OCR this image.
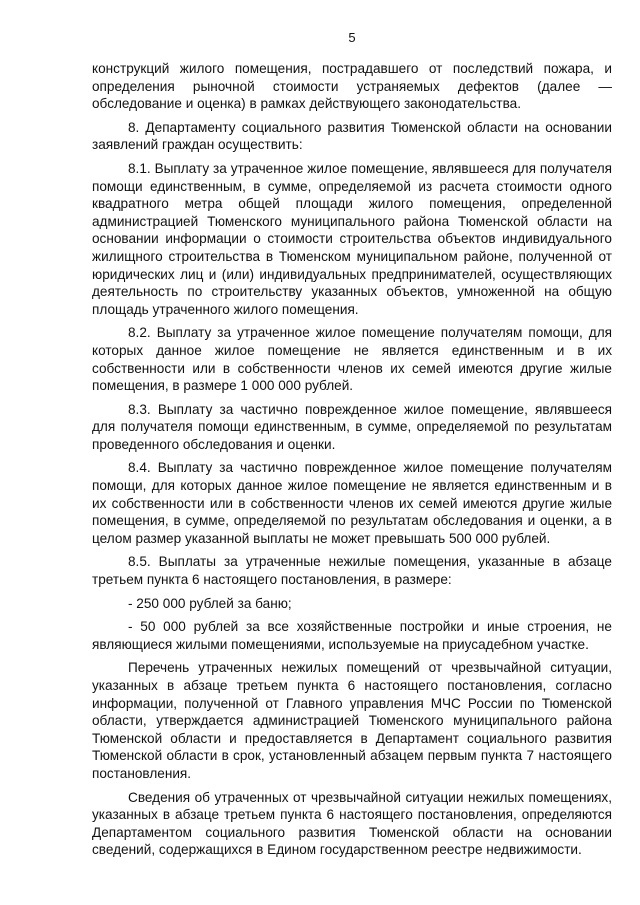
5

конструкций жилого помещения, пострадавшего от последствий пожара, и определения рыночной стоимости устраняемых дефектов (далее — обследование и оценка) в рамках действующего законодательства.

8. Департаменту социального развития Тюменской области на основании заявлений граждан осуществить:

8.1. Выплату за утраченное жилое помещение, являвшееся для получателя помощи единственным, в сумме, определяемой из расчета стоимости одного квадратного метра общей площади жилого помещения, определенной администрацией Тюменского муниципального района Тюменской области на основании информации о стоимости строительства объектов индивидуального жилищного строительства в Тюменском муниципальном районе, полученной от юридических лиц и (или) индивидуальных предпринимателей, осуществляющих деятельность по строительству указанных объектов, умноженной на общую площадь утраченного жилого помещения.

8.2. Выплату за утраченное жилое помещение получателям помощи, для которых данное жилое помещение не является единственным и в их собственности или в собственности членов их семей имеются другие жилые помещения, в размере 1 000 000 рублей.

8.3. Выплату за частично поврежденное жилое помещение, являвшееся для получателя помощи единственным, в сумме, определяемой по результатам проведенного обследования и оценки.

8.4. Выплату за частично поврежденное жилое помещение получателям помощи, для которых данное жилое помещение не является единственным и в их собственности или в собственности членов их семей имеются другие жилые помещения, в сумме, определяемой по результатам обследования и оценки, а в целом размер указанной выплаты не может превышать 500 000 рублей.

8.5. Выплаты за утраченные нежилые помещения, указанные в абзаце третьем пункта 6 настоящего постановления, в размере:

- 250 000 рублей за баню;

- 50 000 рублей за все хозяйственные постройки и иные строения, не являющиеся жилыми помещениями, используемые на приусадебном участке.

Перечень утраченных нежилых помещений от чрезвычайной ситуации, указанных в абзаце третьем пункта 6 настоящего постановления, согласно информации, полученной от Главного управления МЧС России по Тюменской области, утверждается администрацией Тюменского муниципального района Тюменской области и предоставляется в Департамент социального развития Тюменской области в срок, установленный абзацем первым пункта 7 настоящего постановления.

Сведения об утраченных от чрезвычайной ситуации нежилых помещениях, указанных в абзаце третьем пункта 6 настоящего постановления, определяются Департаментом социального развития Тюменской области на основании сведений, содержащихся в Едином государственном реестре недвижимости.
